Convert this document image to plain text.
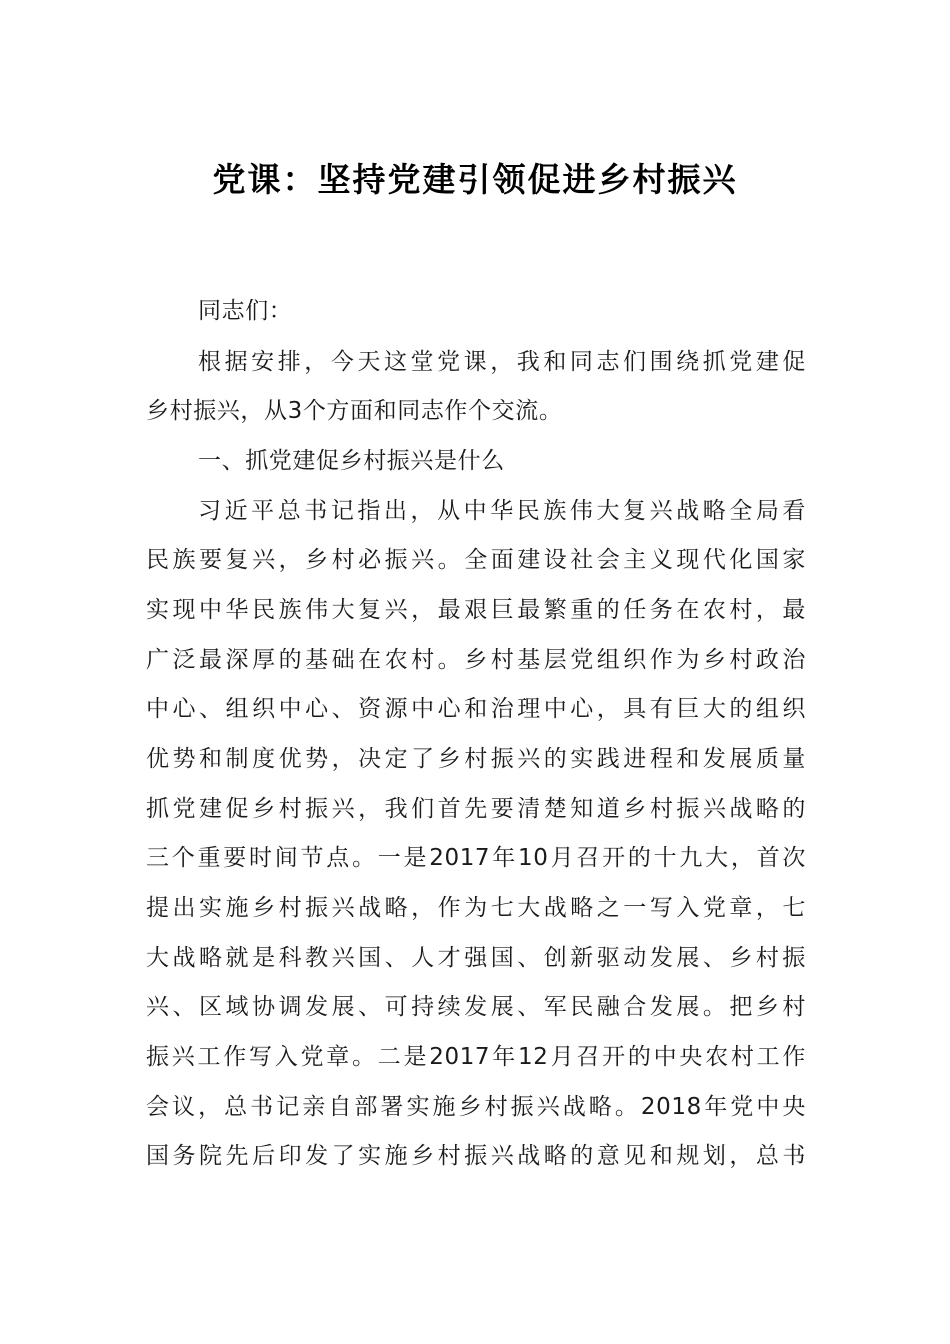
党课：坚持党建引领促进乡村振兴
同志们：
根据安排，今天这堂党课，我和同志们围绕抓党建促
乡村振兴，从3个方面和同志作个交流。
一、抓党建促乡村振兴是什么
习近平总书记指出，从中华民族伟大复兴战略全局看
民族要复兴，乡村必振兴。全面建设社会主义现代化国家
实现中华民族伟大复兴，最艰巨最繁重的任务在农村，最
广泛最深厚的基础在农村。乡村基层党组织作为乡村政治
中心、组织中心、资源中心和治理中心，具有巨大的组织
优势和制度优势，决定了乡村振兴的实践进程和发展质量
抓党建促乡村振兴，我们首先要清楚知道乡村振兴战略的
三个重要时间节点。一是2017年10月召开的十九大，首次
提出实施乡村振兴战略，作为七大战略之一写入党章，七
大战略就是科教兴国、人才强国、创新驱动发展、乡村振
兴、区域协调发展、可持续发展、军民融合发展。把乡村
振兴工作写入党章。二是2017年12月召开的中央农村工作
会议，总书记亲自部署实施乡村振兴战略。2018年党中央
国务院先后印发了实施乡村振兴战略的意见和规划，总书
